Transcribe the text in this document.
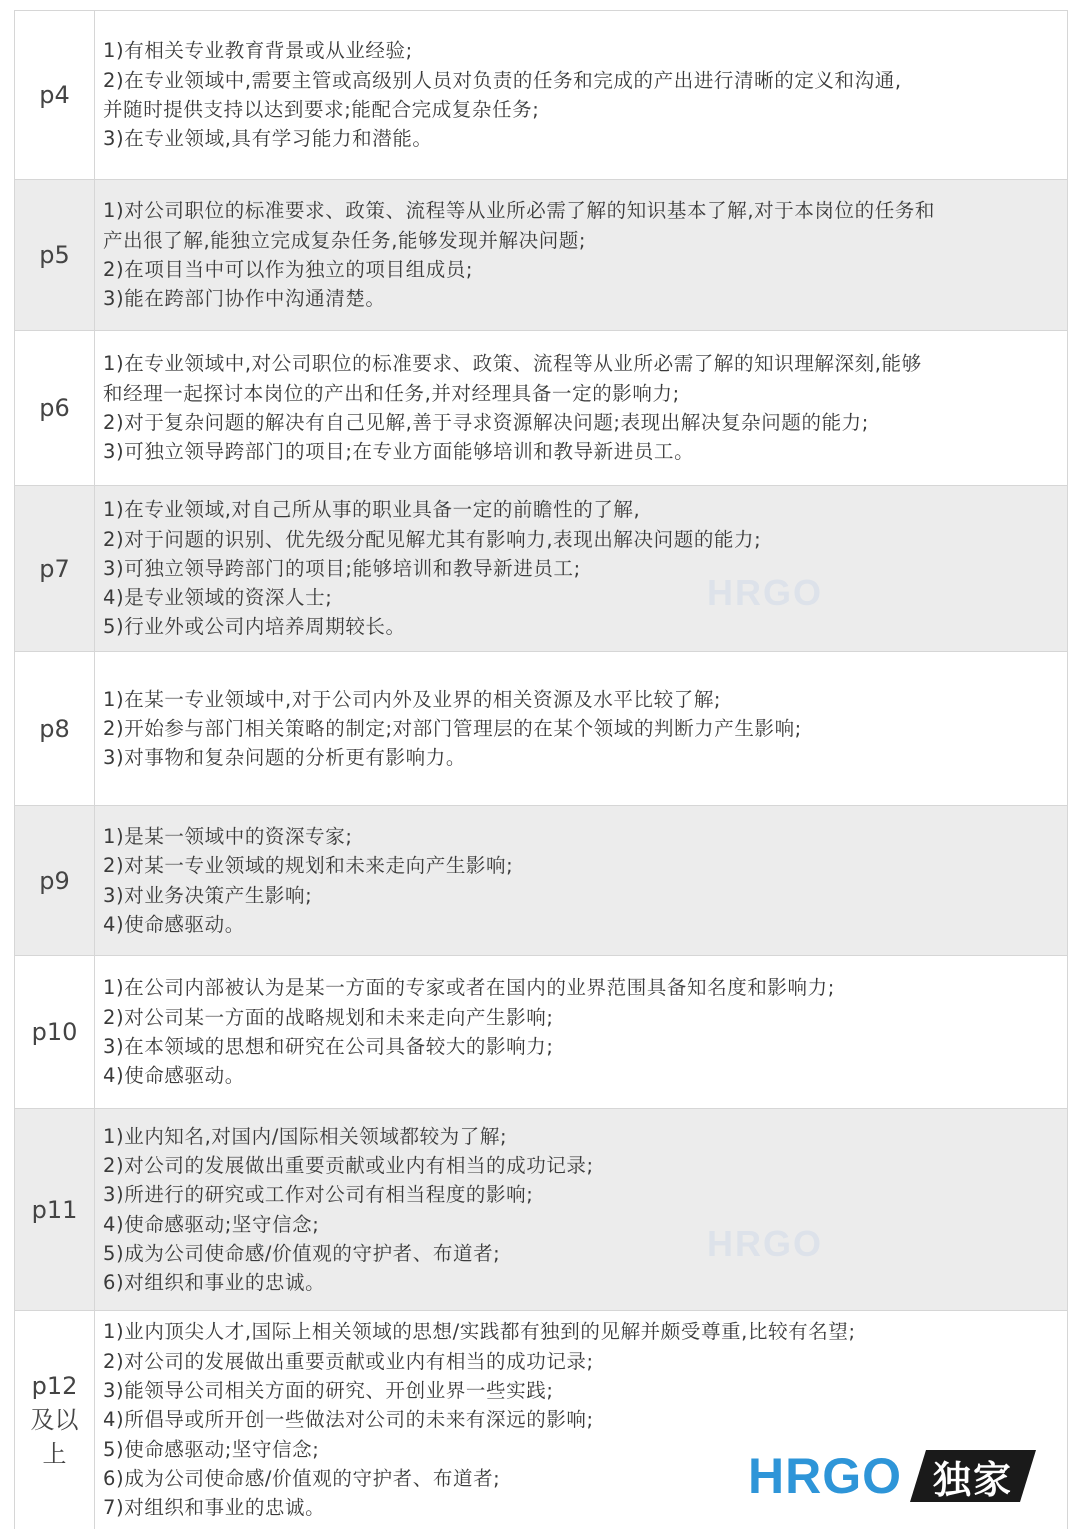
p4
1)有相关专业教育背景或从业经验;
2)在专业领域中,需要主管或高级别人员对负责的任务和完成的产出进行清晰的定义和沟通,
并随时提供支持以达到要求;能配合完成复杂任务;
3)在专业领域,具有学习能力和潜能。
p5
1)对公司职位的标准要求、政策、流程等从业所必需了解的知识基本了解,对于本岗位的任务和
产出很了解,能独立完成复杂任务,能够发现并解决问题;
2)在项目当中可以作为独立的项目组成员;
3)能在跨部门协作中沟通清楚。
p6
1)在专业领域中,对公司职位的标准要求、政策、流程等从业所必需了解的知识理解深刻,能够
和经理一起探讨本岗位的产出和任务,并对经理具备一定的影响力;
2)对于复杂问题的解决有自己见解,善于寻求资源解决问题;表现出解决复杂问题的能力;
3)可独立领导跨部门的项目;在专业方面能够培训和教导新进员工。
p7
1)在专业领域,对自己所从事的职业具备一定的前瞻性的了解,
2)对于问题的识别、优先级分配见解尤其有影响力,表现出解决问题的能力;
3)可独立领导跨部门的项目;能够培训和教导新进员工;
4)是专业领域的资深人士;
5)行业外或公司内培养周期较长。
HRGO
p8
1)在某一专业领域中,对于公司内外及业界的相关资源及水平比较了解;
2)开始参与部门相关策略的制定;对部门管理层的在某个领域的判断力产生影响;
3)对事物和复杂问题的分析更有影响力。
p9
1)是某一领域中的资深专家;
2)对某一专业领域的规划和未来走向产生影响;
3)对业务决策产生影响;
4)使命感驱动。
p10
1)在公司内部被认为是某一方面的专家或者在国内的业界范围具备知名度和影响力;
2)对公司某一方面的战略规划和未来走向产生影响;
3)在本领域的思想和研究在公司具备较大的影响力;
4)使命感驱动。
p11
1)业内知名,对国内/国际相关领域都较为了解;
2)对公司的发展做出重要贡献或业内有相当的成功记录;
3)所进行的研究或工作对公司有相当程度的影响;
4)使命感驱动;坚守信念;
5)成为公司使命感/价值观的守护者、布道者;
6)对组织和事业的忠诚。
HRGO
p12及以上
1)业内顶尖人才,国际上相关领域的思想/实践都有独到的见解并颇受尊重,比较有名望;
2)对公司的发展做出重要贡献或业内有相当的成功记录;
3)能领导公司相关方面的研究、开创业界一些实践;
4)所倡导或所开创一些做法对公司的未来有深远的影响;
5)使命感驱动;坚守信念;
6)成为公司使命感/价值观的守护者、布道者;
7)对组织和事业的忠诚。
HRGO 独家
